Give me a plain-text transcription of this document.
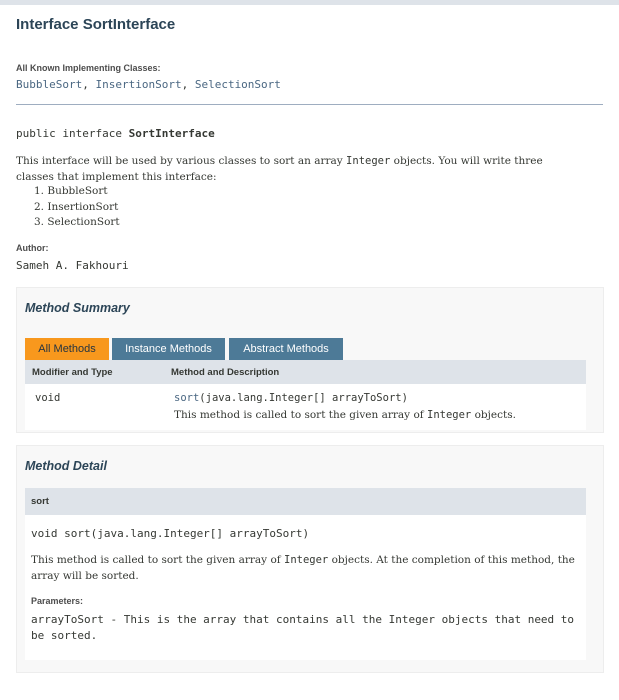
Interface SortInterface
All Known Implementing Classes:
BubbleSort, InsertionSort, SelectionSort
public interface SortInterface
This interface will be used by various classes to sort an array Integer objects. You will write three classes that implement this interface:
1. BubbleSort
2. InsertionSort
3. SelectionSort
Author:
Sameh A. Fakhouri
Method Summary
All Methods	Instance Methods	Abstract Methods
Modifier and Type	Method and Description
void	sort(java.lang.Integer[] arrayToSort)
This method is called to sort the given array of Integer objects.
Method Detail
sort
void sort(java.lang.Integer[] arrayToSort)
This method is called to sort the given array of Integer objects. At the completion of this method, the array will be sorted.
Parameters:
arrayToSort - This is the array that contains all the Integer objects that need to be sorted.
